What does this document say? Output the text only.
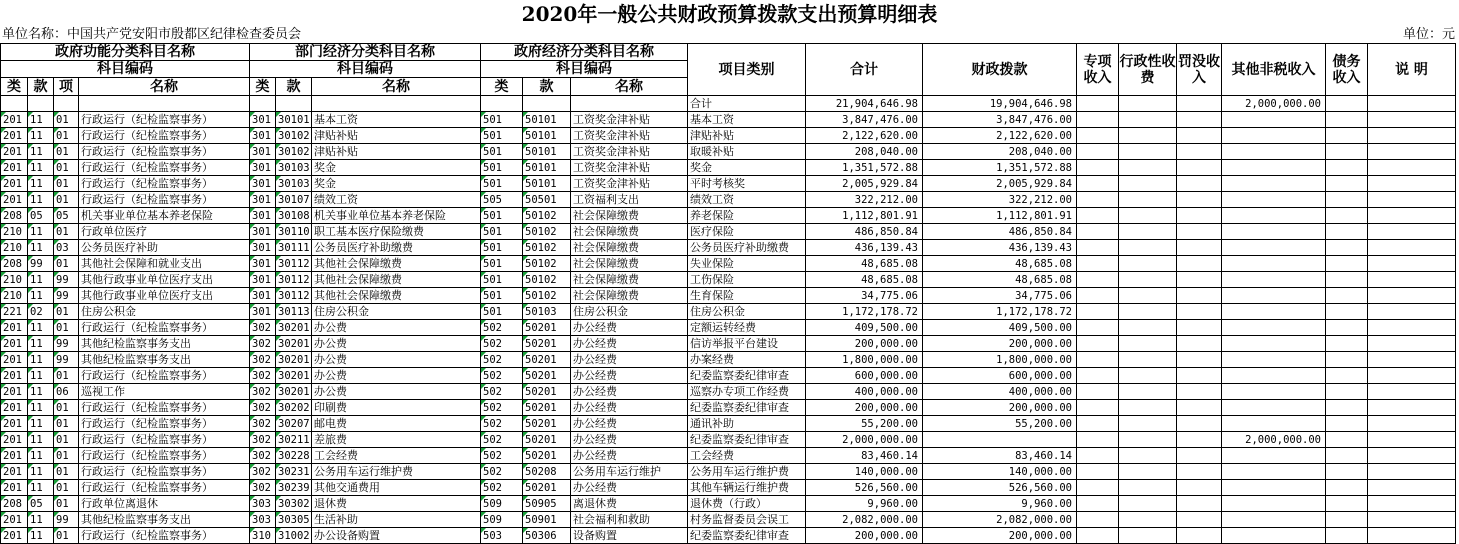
2020年一般公共财政预算拨款支出预算明细表
单位名称：中国共产党安阳市殷都区纪律检查委员会	单位：元
政府功能分类科目名称				部门经济分类科目名称			政府经济分类科目名称			项目类别	合计	财政拨款	专项收入	行政性收费	罚没收入	其他非税收入	债务收入	说 明
科目编码				科目编码			科目编码											
类	款	项	名称	类	款	名称	类	款	名称									
										合计	21,904,646.98	19,904,646.98				2,000,000.00		
201	11	01	行政运行（纪检监察事务）	301	30101	基本工资	501	50101	工资奖金津补贴	基本工资	3,847,476.00	3,847,476.00						
201	11	01	行政运行（纪检监察事务）	301	30102	津贴补贴	501	50101	工资奖金津补贴	津贴补贴	2,122,620.00	2,122,620.00						
201	11	01	行政运行（纪检监察事务）	301	30102	津贴补贴	501	50101	工资奖金津补贴	取暖补贴	208,040.00	208,040.00						
201	11	01	行政运行（纪检监察事务）	301	30103	奖金	501	50101	工资奖金津补贴	奖金	1,351,572.88	1,351,572.88						
201	11	01	行政运行（纪检监察事务）	301	30103	奖金	501	50101	工资奖金津补贴	平时考核奖	2,005,929.84	2,005,929.84						
201	11	01	行政运行（纪检监察事务）	301	30107	绩效工资	505	50501	工资福利支出	绩效工资	322,212.00	322,212.00						
208	05	05	机关事业单位基本养老保险	301	30108	机关事业单位基本养老保险	501	50102	社会保障缴费	养老保险	1,112,801.91	1,112,801.91						
210	11	01	行政单位医疗	301	30110	职工基本医疗保险缴费	501	50102	社会保障缴费	医疗保险	486,850.84	486,850.84						
210	11	03	公务员医疗补助	301	30111	公务员医疗补助缴费	501	50102	社会保障缴费	公务员医疗补助缴费	436,139.43	436,139.43						
208	99	01	其他社会保障和就业支出	301	30112	其他社会保障缴费	501	50102	社会保障缴费	失业保险	48,685.08	48,685.08						
210	11	99	其他行政事业单位医疗支出	301	30112	其他社会保障缴费	501	50102	社会保障缴费	工伤保险	48,685.08	48,685.08						
210	11	99	其他行政事业单位医疗支出	301	30112	其他社会保障缴费	501	50102	社会保障缴费	生育保险	34,775.06	34,775.06						
221	02	01	住房公积金	301	30113	住房公积金	501	50103	住房公积金	住房公积金	1,172,178.72	1,172,178.72						
201	11	01	行政运行（纪检监察事务）	302	30201	办公费	502	50201	办公经费	定额运转经费	409,500.00	409,500.00						
201	11	99	其他纪检监察事务支出	302	30201	办公费	502	50201	办公经费	信访举报平台建设	200,000.00	200,000.00						
201	11	99	其他纪检监察事务支出	302	30201	办公费	502	50201	办公经费	办案经费	1,800,000.00	1,800,000.00						
201	11	01	行政运行（纪检监察事务）	302	30201	办公费	502	50201	办公经费	纪委监察委纪律审查	600,000.00	600,000.00						
201	11	06	巡视工作	302	30201	办公费	502	50201	办公经费	巡察办专项工作经费	400,000.00	400,000.00						
201	11	01	行政运行（纪检监察事务）	302	30202	印刷费	502	50201	办公经费	纪委监察委纪律审查	200,000.00	200,000.00						
201	11	01	行政运行（纪检监察事务）	302	30207	邮电费	502	50201	办公经费	通讯补助	55,200.00	55,200.00						
201	11	01	行政运行（纪检监察事务）	302	30211	差旅费	502	50201	办公经费	纪委监察委纪律审查	2,000,000.00					2,000,000.00		
201	11	01	行政运行（纪检监察事务）	302	30228	工会经费	502	50201	办公经费	工会经费	83,460.14	83,460.14						
201	11	01	行政运行（纪检监察事务）	302	30231	公务用车运行维护费	502	50208	公务用车运行维护	公务用车运行维护费	140,000.00	140,000.00						
201	11	01	行政运行（纪检监察事务）	302	30239	其他交通费用	502	50201	办公经费	其他车辆运行维护费	526,560.00	526,560.00						
208	05	01	行政单位离退休	303	30302	退休费	509	50905	离退休费	退休费（行政）	9,960.00	9,960.00						
201	11	99	其他纪检监察事务支出	303	30305	生活补助	509	50901	社会福利和救助	村务监督委员会误工	2,082,000.00	2,082,000.00						
201	11	01	行政运行（纪检监察事务）	310	31002	办公设备购置	503	50306	设备购置	纪委监察委纪律审查	200,000.00	200,000.00						
